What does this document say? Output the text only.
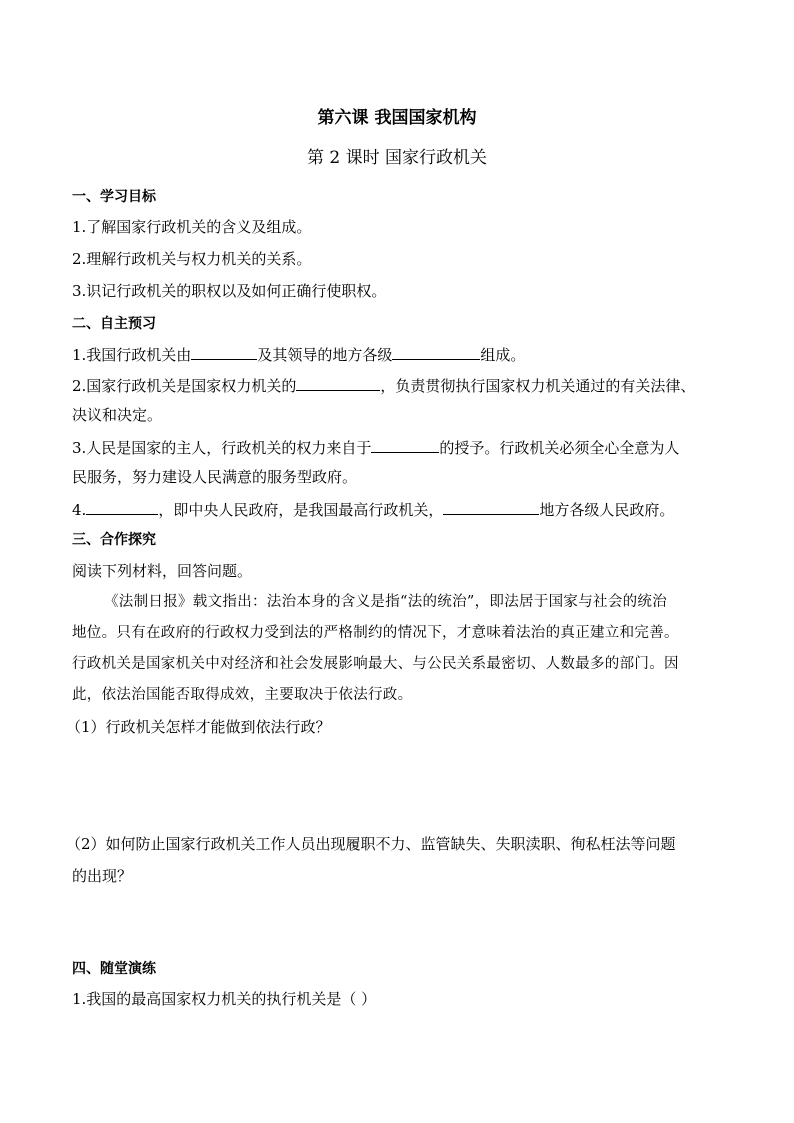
第六课 我国国家机构
第 2 课时 国家行政机关
一、学习目标
1.了解国家行政机关的含义及组成。
2.理解行政机关与权力机关的关系。
3.识记行政机关的职权以及如何正确行使职权。
二、自主预习
1.我国行政机关由	及其领导的地方各级	组成。
2.国家行政机关是国家权力机关的	，负责贯彻执行国家权力机关通过的有关法律、
决议和决定。
3.人民是国家的主人，行政机关的权力来自于	的授予。行政机关必须全心全意为人
民服务，努力建设人民满意的服务型政府。
4.	，即中央人民政府，是我国最高行政机关，	地方各级人民政府。
三、合作探究
阅读下列材料，回答问题。
《法制日报》载文指出：法治本身的含义是指“法的统治”，即法居于国家与社会的统治
地位。只有在政府的行政权力受到法的严格制约的情况下，才意味着法治的真正建立和完善。
行政机关是国家机关中对经济和社会发展影响最大、与公民关系最密切、人数最多的部门。因
此，依法治国能否取得成效，主要取决于依法行政。
（1）行政机关怎样才能做到依法行政？
（2）如何防止国家行政机关工作人员出现履职不力、监管缺失、失职渎职、徇私枉法等问题
的出现？
四、随堂演练
1.我国的最高国家权力机关的执行机关是（ ）
